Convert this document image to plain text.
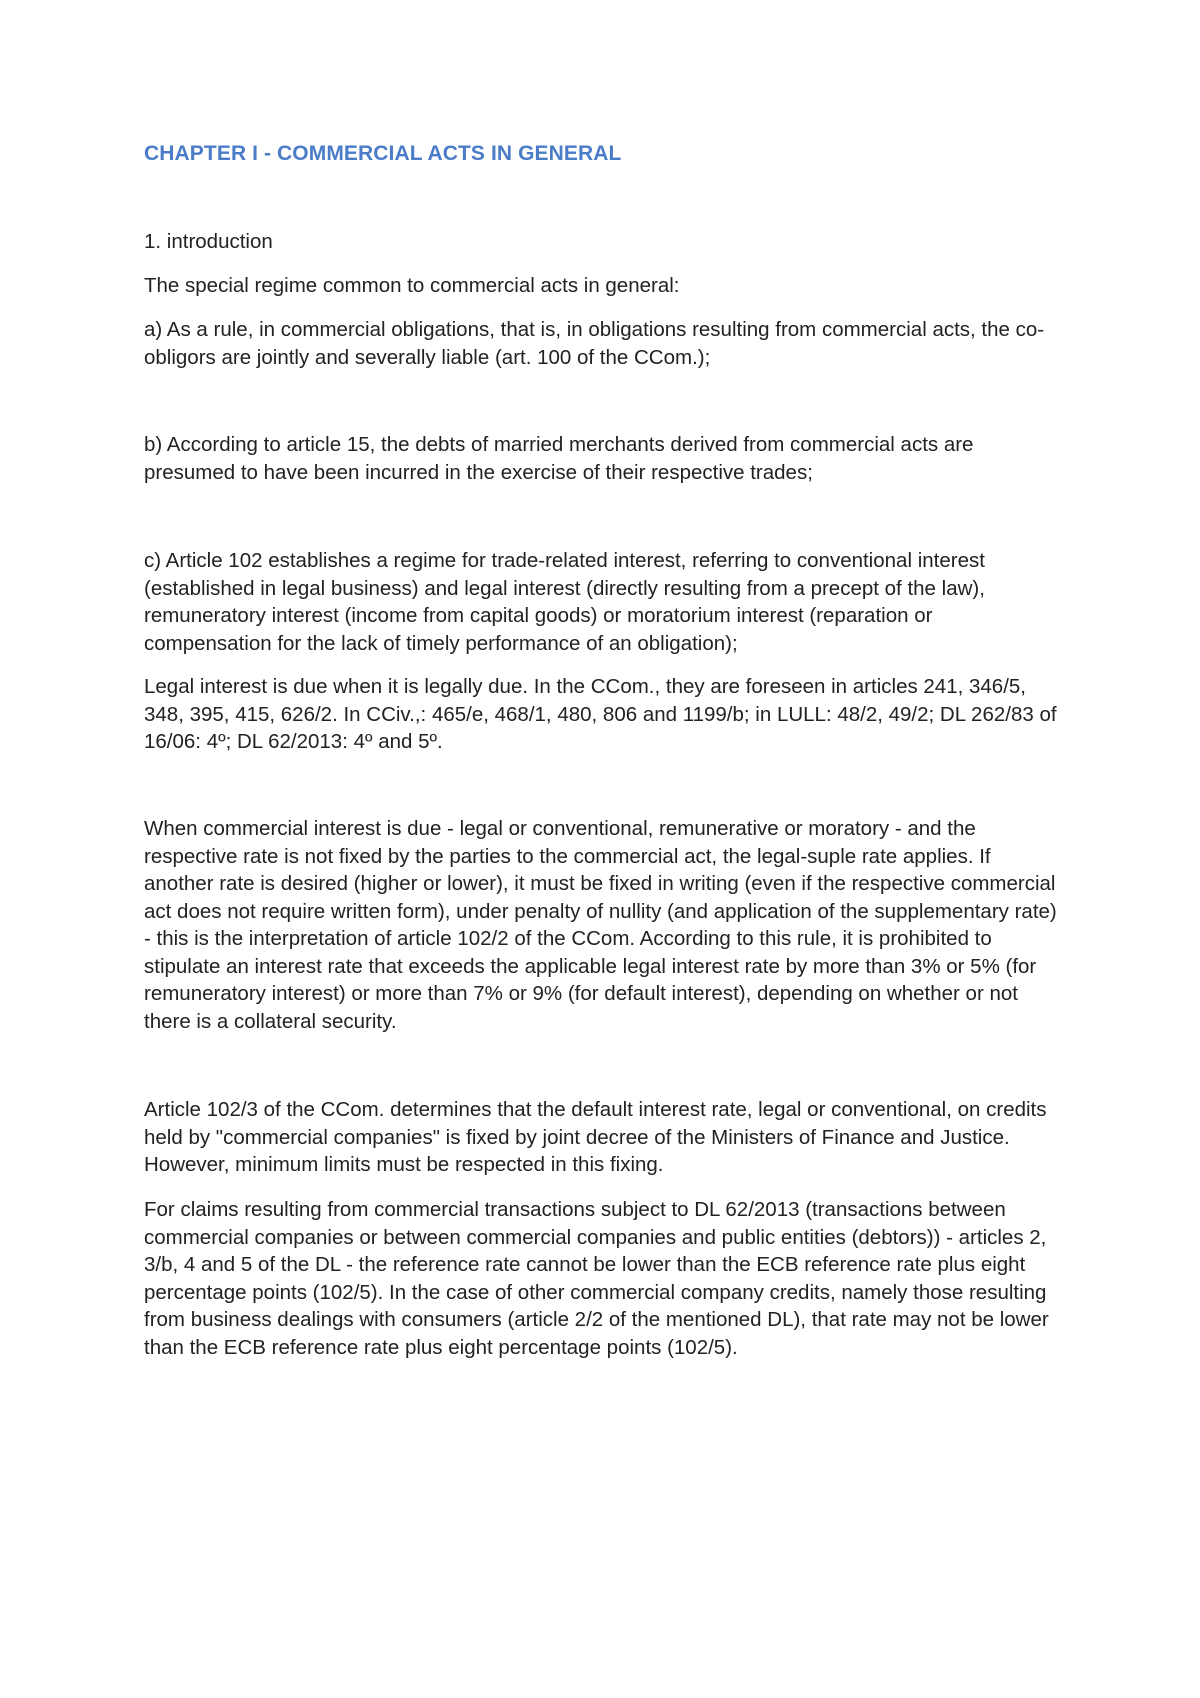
CHAPTER I - COMMERCIAL ACTS IN GENERAL

1. introduction

The special regime common to commercial acts in general:

a) As a rule, in commercial obligations, that is, in obligations resulting from commercial acts, the co-obligors are jointly and severally liable (art. 100 of the CCom.);

b) According to article 15, the debts of married merchants derived from commercial acts are presumed to have been incurred in the exercise of their respective trades;

c) Article 102 establishes a regime for trade-related interest, referring to conventional interest (established in legal business) and legal interest (directly resulting from a precept of the law), remuneratory interest (income from capital goods) or moratorium interest (reparation or compensation for the lack of timely performance of an obligation);

Legal interest is due when it is legally due. In the CCom., they are foreseen in articles 241, 346/5, 348, 395, 415, 626/2. In CCiv.,: 465/e, 468/1, 480, 806 and 1199/b; in LULL: 48/2, 49/2; DL 262/83 of 16/06: 4º; DL 62/2013: 4º and 5º.

When commercial interest is due - legal or conventional, remunerative or moratory - and the respective rate is not fixed by the parties to the commercial act, the legal-suple rate applies. If another rate is desired (higher or lower), it must be fixed in writing (even if the respective commercial act does not require written form), under penalty of nullity (and application of the supplementary rate) - this is the interpretation of article 102/2 of the CCom. According to this rule, it is prohibited to stipulate an interest rate that exceeds the applicable legal interest rate by more than 3% or 5% (for remuneratory interest) or more than 7% or 9% (for default interest), depending on whether or not there is a collateral security.

Article 102/3 of the CCom. determines that the default interest rate, legal or conventional, on credits held by "commercial companies" is fixed by joint decree of the Ministers of Finance and Justice. However, minimum limits must be respected in this fixing.

For claims resulting from commercial transactions subject to DL 62/2013 (transactions between commercial companies or between commercial companies and public entities (debtors)) - articles 2, 3/b, 4 and 5 of the DL - the reference rate cannot be lower than the ECB reference rate plus eight percentage points (102/5). In the case of other commercial company credits, namely those resulting from business dealings with consumers (article 2/2 of the mentioned DL), that rate may not be lower than the ECB reference rate plus eight percentage points (102/5).
